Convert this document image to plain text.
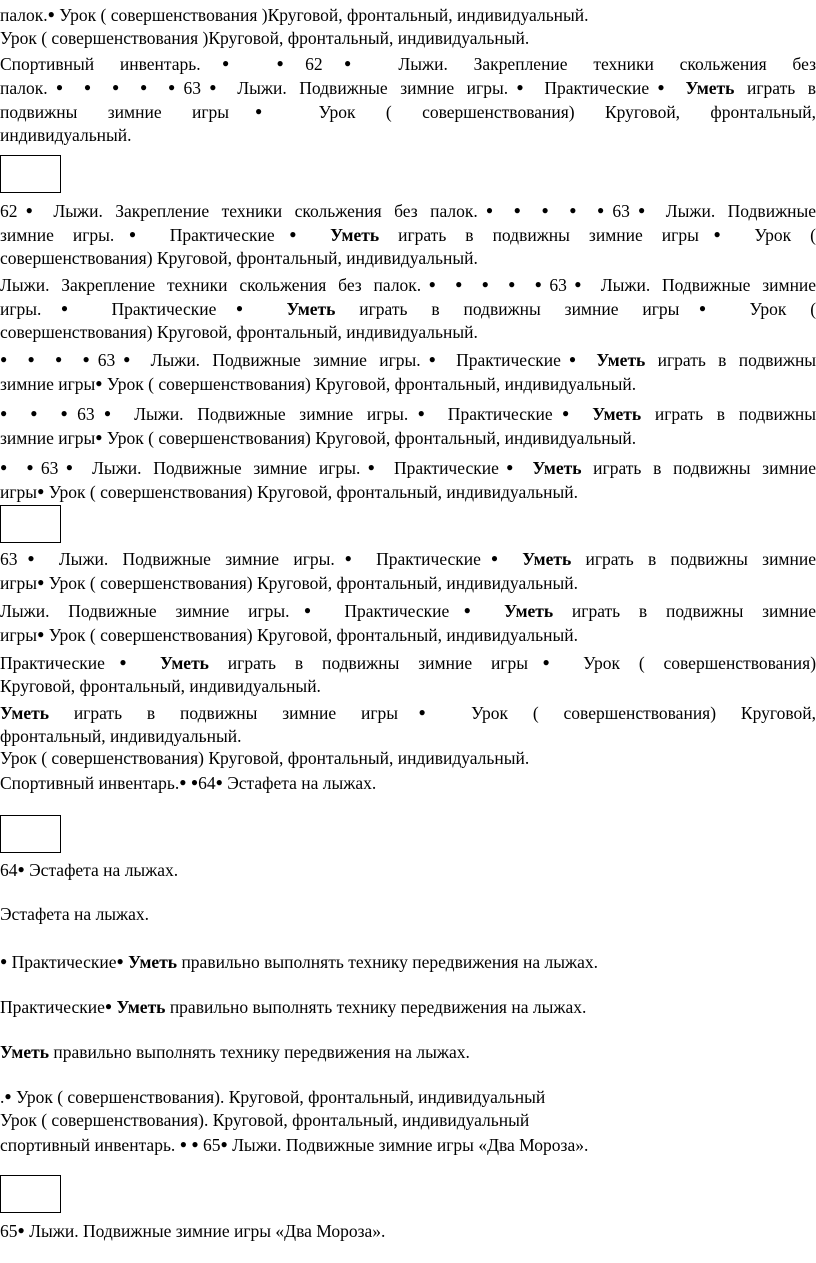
палок.● Урок ( совершенствования )Круговой, фронтальный, индивидуальный.
Урок ( совершенствования )Круговой, фронтальный, индивидуальный.
Спортивный инвентарь.● ●62● Лыжи. Закрепление техники скольжения без
палок.● ● ● ● ●63● Лыжи. Подвижные зимние игры.● Практические● Уметь играть в
подвижны зимние игры● Урок ( совершенствования) Круговой, фронтальный,
индивидуальный.
62● Лыжи. Закрепление техники скольжения без палок.● ● ● ● ●63● Лыжи. Подвижные
зимние игры.● Практические● Уметь играть в подвижны зимние игры● Урок (
совершенствования) Круговой, фронтальный, индивидуальный.
Лыжи. Закрепление техники скольжения без палок.● ● ● ● ●63● Лыжи. Подвижные зимние
игры.● Практические● Уметь играть в подвижны зимние игры● Урок (
совершенствования) Круговой, фронтальный, индивидуальный.
● ● ● ●63● Лыжи. Подвижные зимние игры.● Практические● Уметь играть в подвижны
зимние игры● Урок ( совершенствования) Круговой, фронтальный, индивидуальный.
● ● ●63● Лыжи. Подвижные зимние игры.● Практические● Уметь играть в подвижны
зимние игры● Урок ( совершенствования) Круговой, фронтальный, индивидуальный.
● ●63● Лыжи. Подвижные зимние игры.● Практические● Уметь играть в подвижны зимние
игры● Урок ( совершенствования) Круговой, фронтальный, индивидуальный.
63● Лыжи. Подвижные зимние игры.● Практические● Уметь играть в подвижны зимние
игры● Урок ( совершенствования) Круговой, фронтальный, индивидуальный.
Лыжи. Подвижные зимние игры.● Практические● Уметь играть в подвижны зимние
игры● Урок ( совершенствования) Круговой, фронтальный, индивидуальный.
Практические● Уметь играть в подвижны зимние игры● Урок ( совершенствования)
Круговой, фронтальный, индивидуальный.
Уметь играть в подвижны зимние игры● Урок ( совершенствования) Круговой,
фронтальный, индивидуальный.
Урок ( совершенствования) Круговой, фронтальный, индивидуальный.
Спортивный инвентарь.● ●64● Эстафета на лыжах.
64● Эстафета на лыжах.
Эстафета на лыжах.
● Практические● Уметь правильно выполнять технику передвижения на лыжах.
Практические● Уметь правильно выполнять технику передвижения на лыжах.
Уметь правильно выполнять технику передвижения на лыжах.
.● Урок ( совершенствования). Круговой, фронтальный, индивидуальный
Урок ( совершенствования). Круговой, фронтальный, индивидуальный
спортивный инвентарь. ● ● 65● Лыжи. Подвижные зимние игры «Два Мороза».
65● Лыжи. Подвижные зимние игры «Два Мороза».
